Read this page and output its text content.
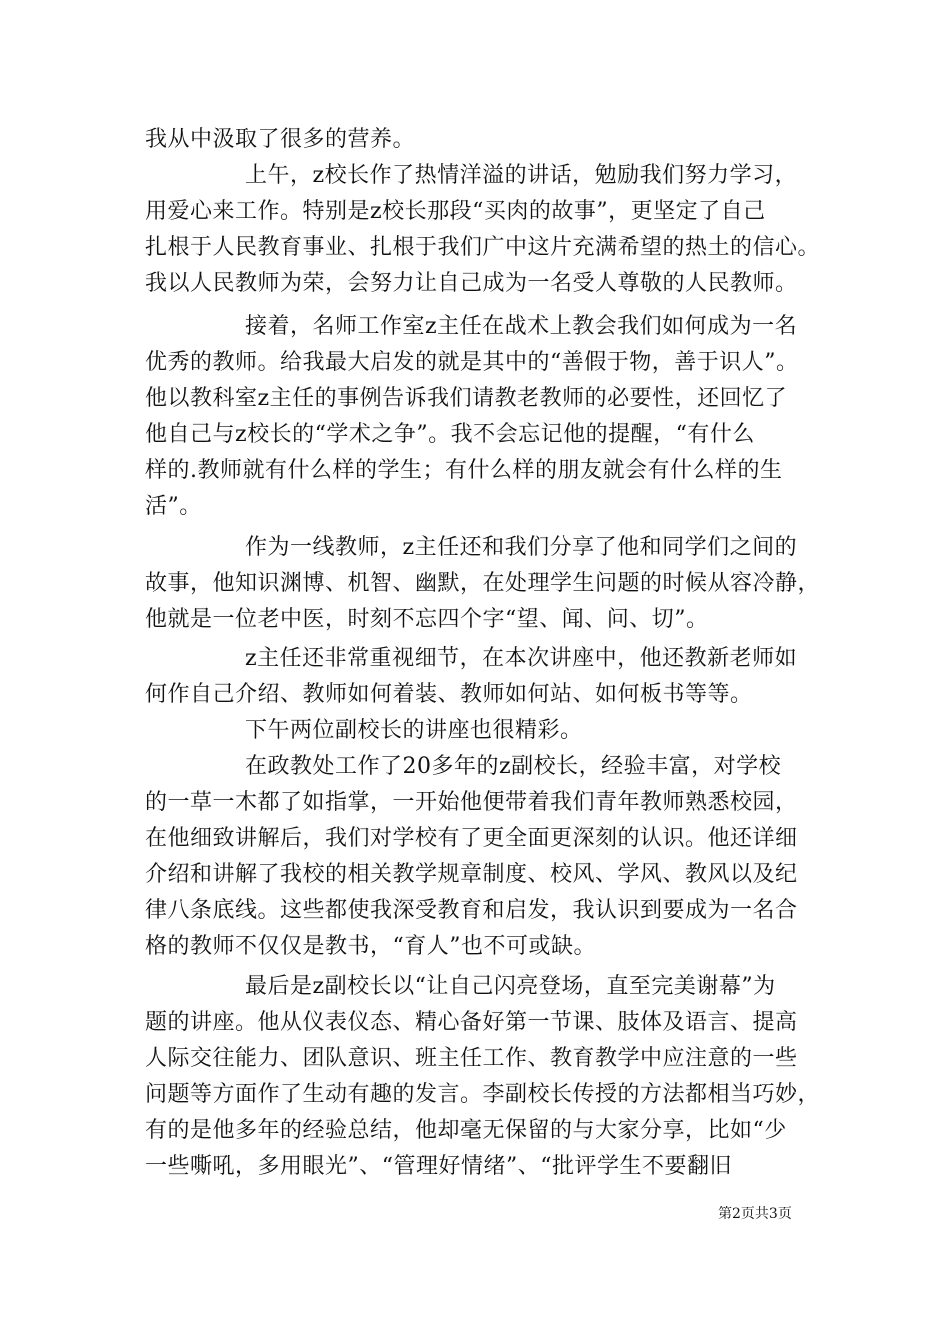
我从中汲取了很多的营养。
上午，z校长作了热情洋溢的讲话，勉励我们努力学习，
用爱心来工作。特别是z校长那段“买肉的故事”，更坚定了自己
扎根于人民教育事业、扎根于我们广中这片充满希望的热土的信心。
我以人民教师为荣，会努力让自己成为一名受人尊敬的人民教师。
接着，名师工作室z主任在战术上教会我们如何成为一名
优秀的教师。给我最大启发的就是其中的“善假于物，善于识人”。
他以教科室z主任的事例告诉我们请教老教师的必要性，还回忆了
他自己与z校长的“学术之争”。我不会忘记他的提醒，“有什么
样的.教师就有什么样的学生；有什么样的朋友就会有什么样的生
活”。
作为一线教师，z主任还和我们分享了他和同学们之间的
故事，他知识渊博、机智、幽默，在处理学生问题的时候从容冷静，
他就是一位老中医，时刻不忘四个字“望、闻、问、切”。
z主任还非常重视细节，在本次讲座中，他还教新老师如
何作自己介绍、教师如何着装、教师如何站、如何板书等等。
下午两位副校长的讲座也很精彩。
在政教处工作了20多年的z副校长，经验丰富，对学校
的一草一木都了如指掌，一开始他便带着我们青年教师熟悉校园，
在他细致讲解后，我们对学校有了更全面更深刻的认识。他还详细
介绍和讲解了我校的相关教学规章制度、校风、学风、教风以及纪
律八条底线。这些都使我深受教育和启发，我认识到要成为一名合
格的教师不仅仅是教书，“育人”也不可或缺。
最后是z副校长以“让自己闪亮登场，直至完美谢幕”为
题的讲座。他从仪表仪态、精心备好第一节课、肢体及语言、提高
人际交往能力、团队意识、班主任工作、教育教学中应注意的一些
问题等方面作了生动有趣的发言。李副校长传授的方法都相当巧妙，
有的是他多年的经验总结，他却毫无保留的与大家分享，比如“少
一些嘶吼，多用眼光”、“管理好情绪”、“批评学生不要翻旧
第2页共3页
